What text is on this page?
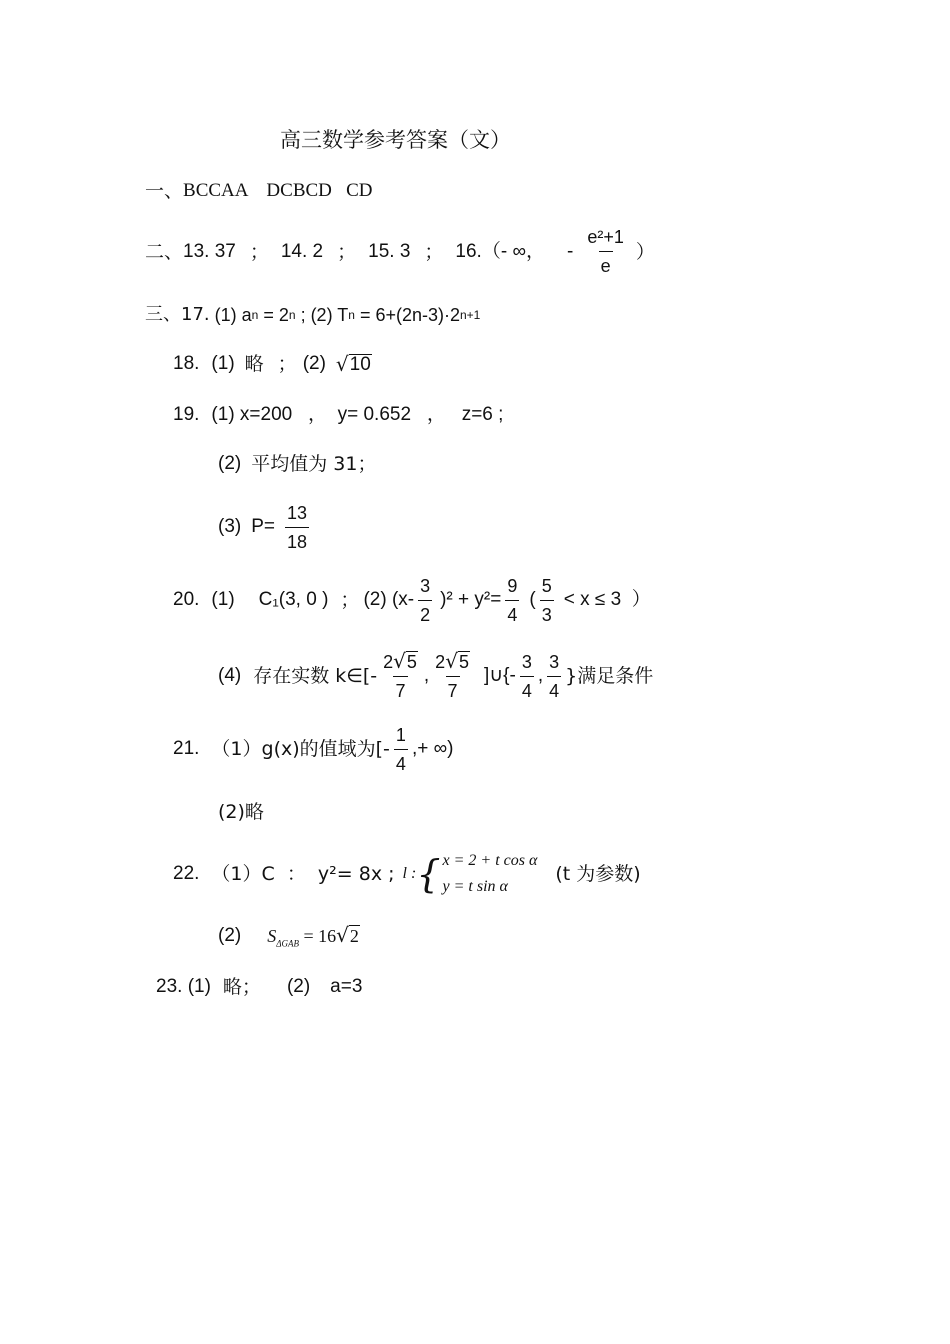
高三数学参考答案（文）
一、 BCCAA    DCBCD   CD
二、 13. 37 ； 14. 2 ； 15. 3 ； 16.（- ∞， - $\frac{\text{e²+1}}{e}$ ）
三、17. (1) a n = 2 n ; (2) T n = 6+(2n-3)·2 n+1
18. (1) 略 ； (2) √ 10
19. (1) x=200   ，  y= 0.652   ，   z=6 ;
(2) 平均值为 31；
(3) $P= \frac{13}{18}$
20. (1) C₁(3, 0 ) ； (2) $(x- \frac{3}{2} )^2 + y^2= \frac{9}{4}$ ( $\frac{5}{3} < x \le 3$  ）
(4) 存在实数 k∈[- $\frac{2 √ 5}{7}$ , $\frac{2 √ 5}{7}$ ]∪{- $\frac{3}{4}$ , $\frac{3}{4}$ }满足条件
21. （1）g(x)的值域为[- $\frac{1}{4}$ ,+ ∞)
(2)略
22. （1）C  ：  y²= 8x ; l : { x = 2 + t cos α
y = t sin α
(t 为参数)
(2) $S_{\Delta GAB} = 16$ √ 2
23. (1) 略； (2) a=3
